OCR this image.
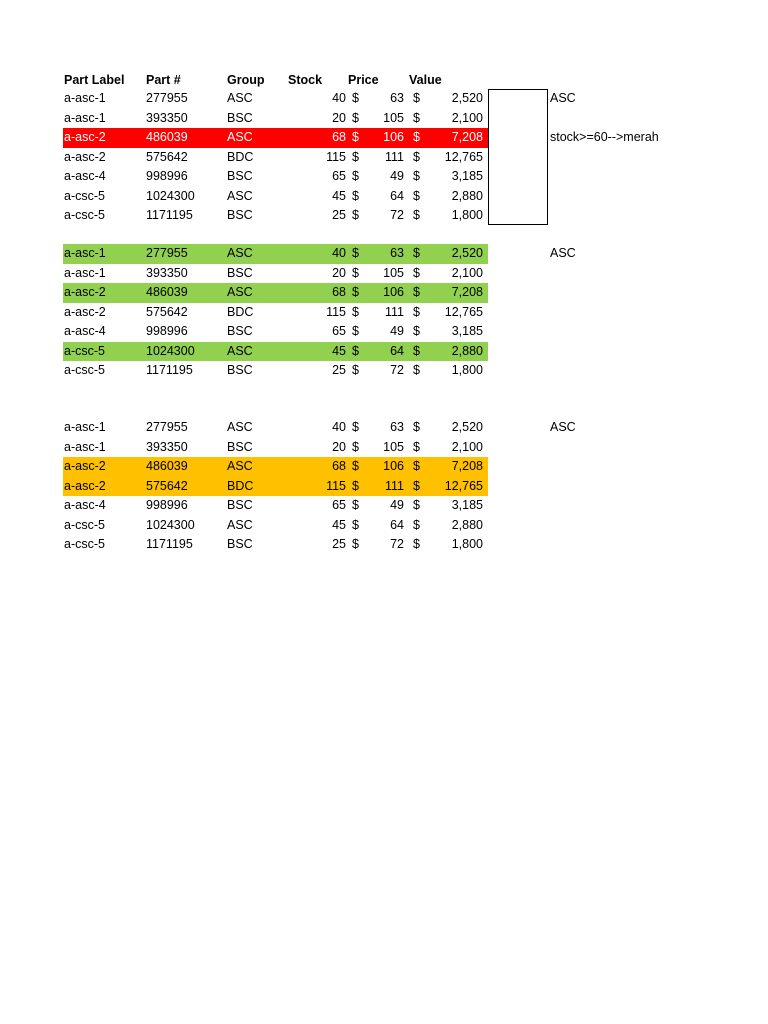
Part Label Part #	Group Stock Price Value
a-asc-1	277955	ASC	40 $ 63 $	2,520
a-asc-1	393350	BSC	20 $ 105 $	2,100
a-asc-2	486039	ASC	68 $ 106 $	7,208
a-asc-2	575642	BDC	115 $ 111 $ 12,765
a-asc-4	998996	BSC	65 $ 49 $	3,185
a-csc-5	1024300	ASC	45 $ 64 $	2,880
a-csc-5	1171195	BSC	25 $ 72 $	1,800
a-asc-1	277955	ASC	40 $ 63 $	2,520
a-asc-1	393350	BSC	20 $ 105 $	2,100
a-asc-2	486039	ASC	68 $ 106 $	7,208
a-asc-2	575642	BDC	115 $ 111 $ 12,765
a-asc-4	998996	BSC	65 $ 49 $	3,185
a-csc-5	1024300	ASC	45 $ 64 $	2,880
a-csc-5	1171195	BSC	25 $ 72 $	1,800
a-asc-1	277955	ASC	40 $ 63 $	2,520
a-asc-1	393350	BSC	20 $ 105 $	2,100
a-asc-2	486039	ASC	68 $ 106 $	7,208
a-asc-2	575642	BDC	115 $ 111 $ 12,765
a-asc-4	998996	BSC	65 $ 49 $	3,185
a-csc-5	1024300	ASC	45 $ 64 $	2,880
a-csc-5	1171195	BSC	25 $ 72 $	1,800
ASC
stock>=60-->merah
ASC
ASC
